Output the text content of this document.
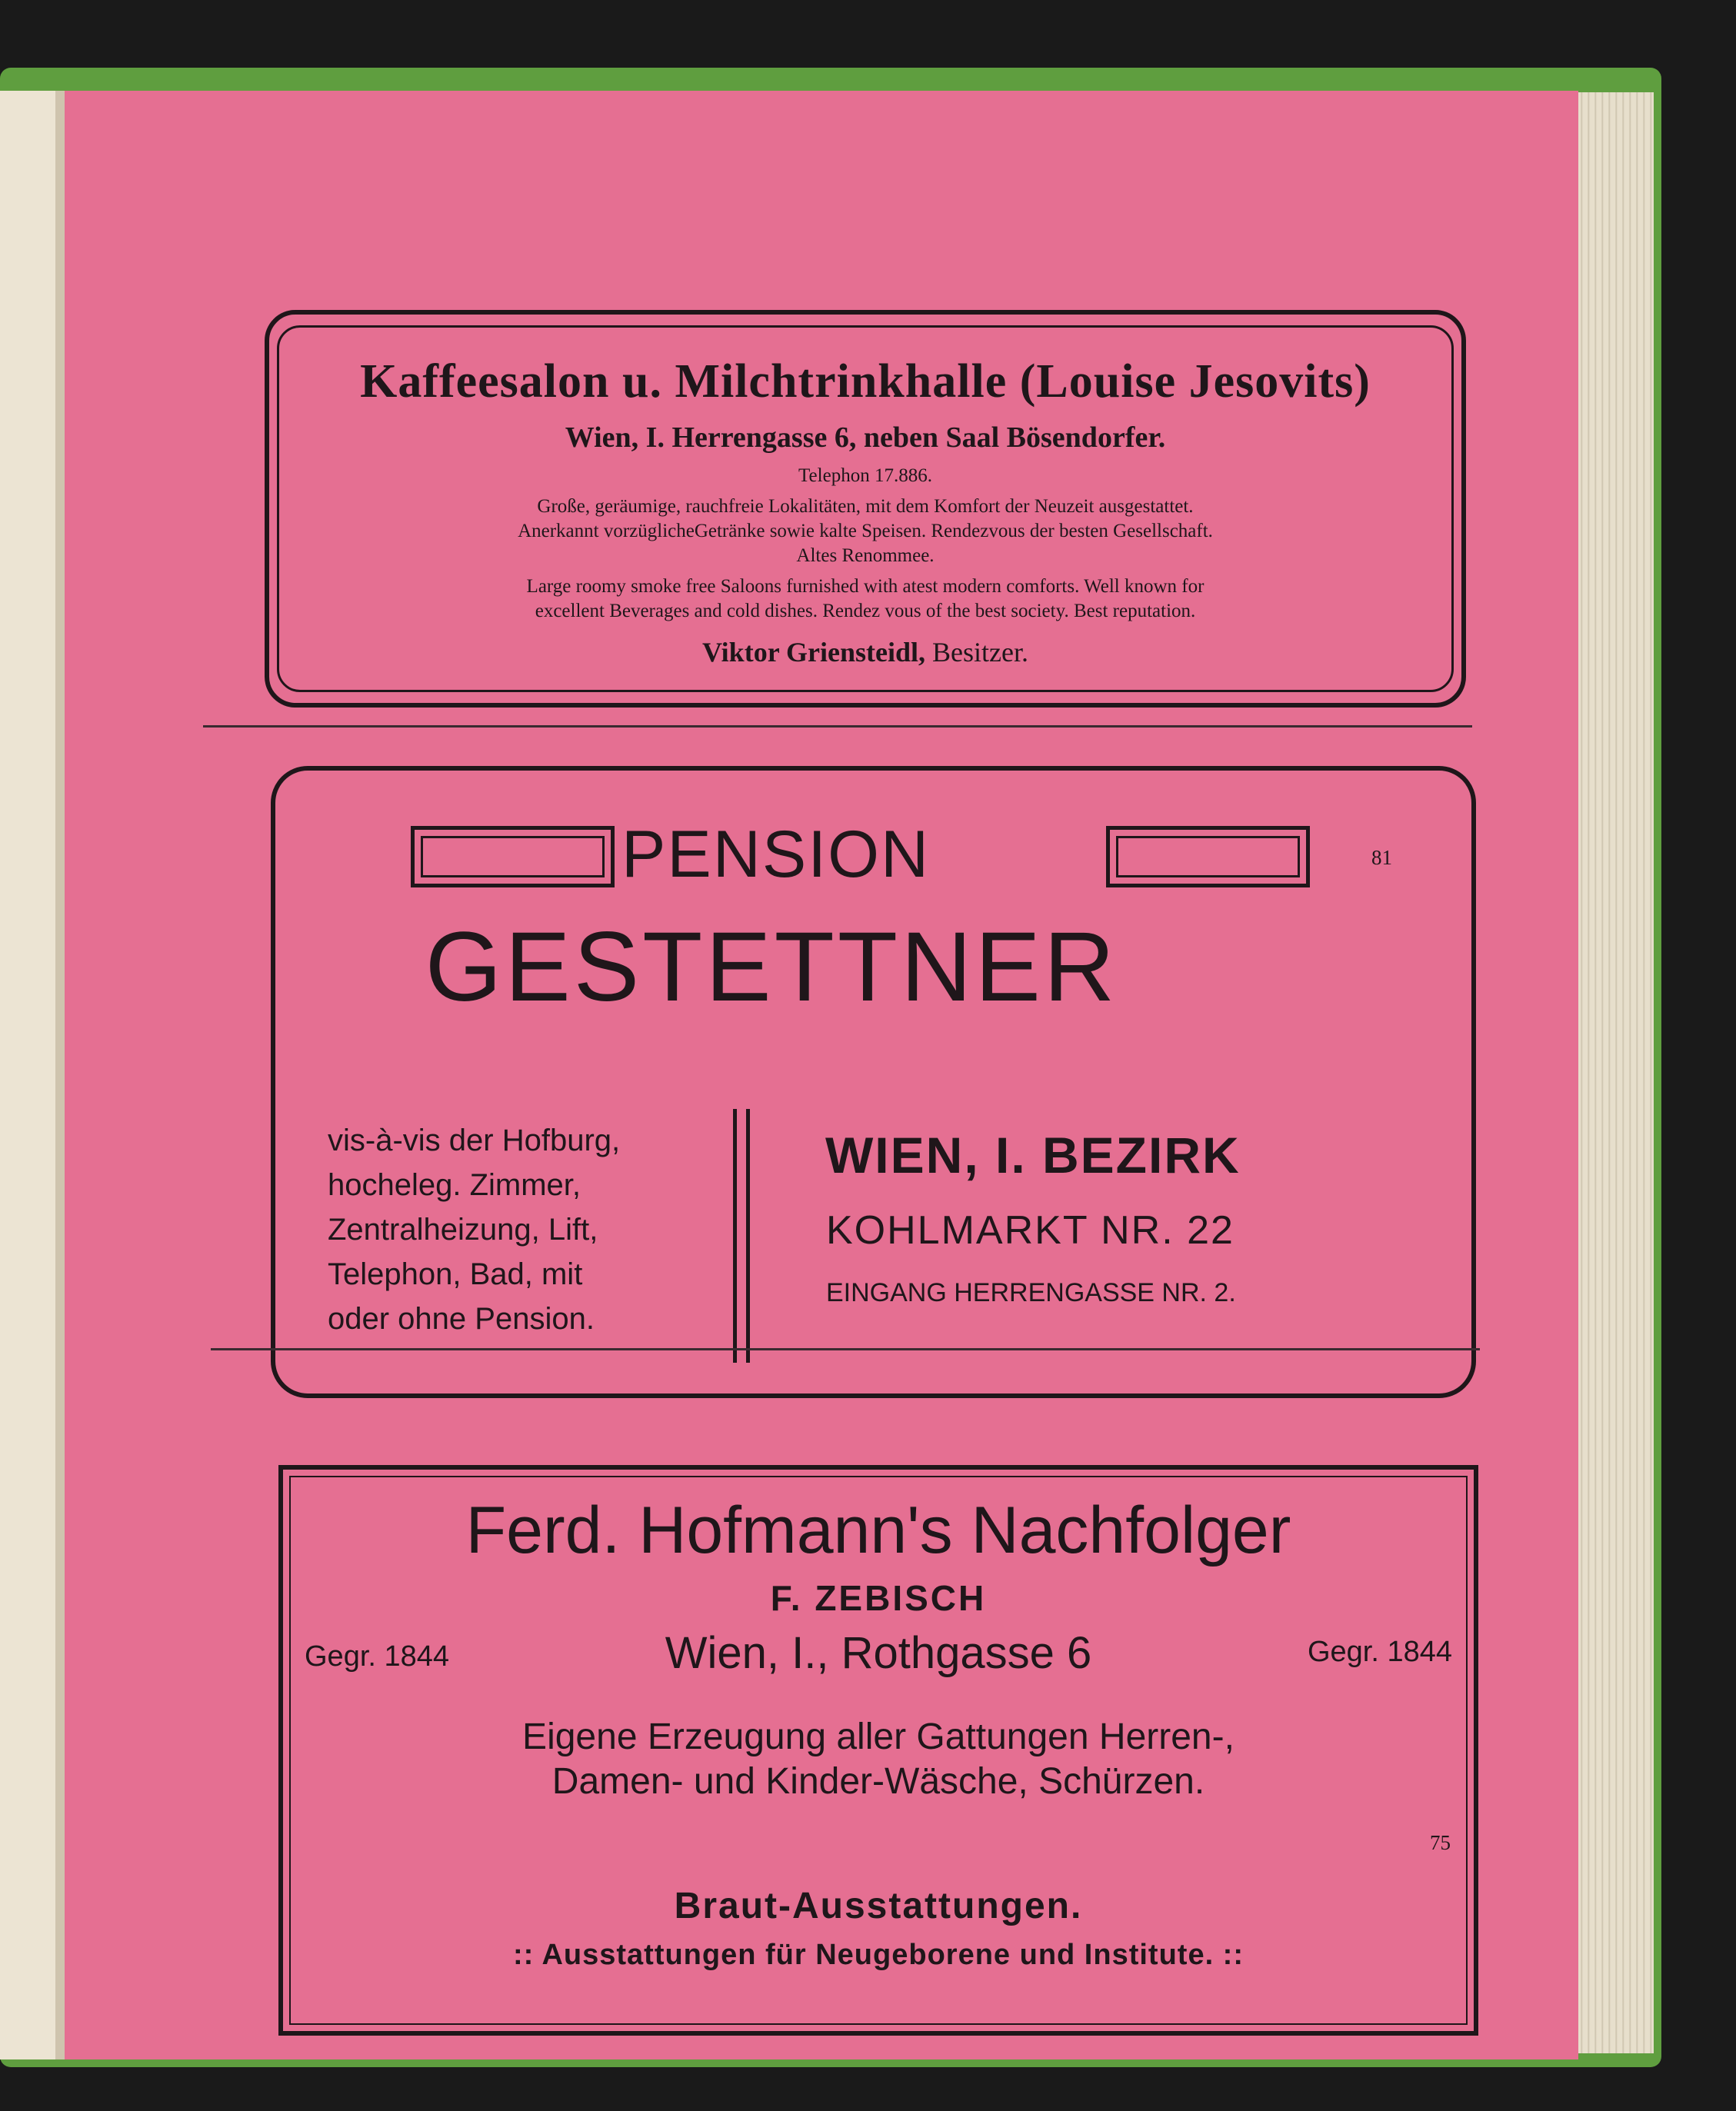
Kaffeesalon u. Milchtrinkhalle (Louise Jesovits)
Wien, I. Herrengasse 6, neben Saal Bösendorfer.
Telephon 17.886.
Große, geräumige, rauchfreie Lokalitäten, mit dem Komfort der Neuzeit ausgestattet.
Anerkannt vorzüglicheGetränke sowie kalte Speisen. Rendezvous der besten Gesellschaft.
Altes Renommee.
Large roomy smoke free Saloons furnished with atest modern comforts. Well known for
excellent Beverages and cold dishes. Rendez vous of the best society. Best reputation.
Viktor Griensteidl, Besitzer.
PENSION	81
GESTETTNER
vis-à-vis der Hofburg,
hocheleg. Zimmer,
Zentralheizung, Lift,
Telephon, Bad, mit
oder ohne Pension.
WIEN, I. BEZIRK
KOHLMARKT NR. 22
EINGANG HERRENGASSE NR. 2.
Ferd. Hofmann's Nachfolger
F. ZEBISCH
Gegr. 1844	Wien, I., Rothgasse 6	Gegr. 1844
Eigene Erzeugung aller Gattungen Herren-,
Damen- und Kinder-Wäsche, Schürzen.
75
Braut-Ausstattungen.
:: Ausstattungen für Neugeborene und Institute. ::
